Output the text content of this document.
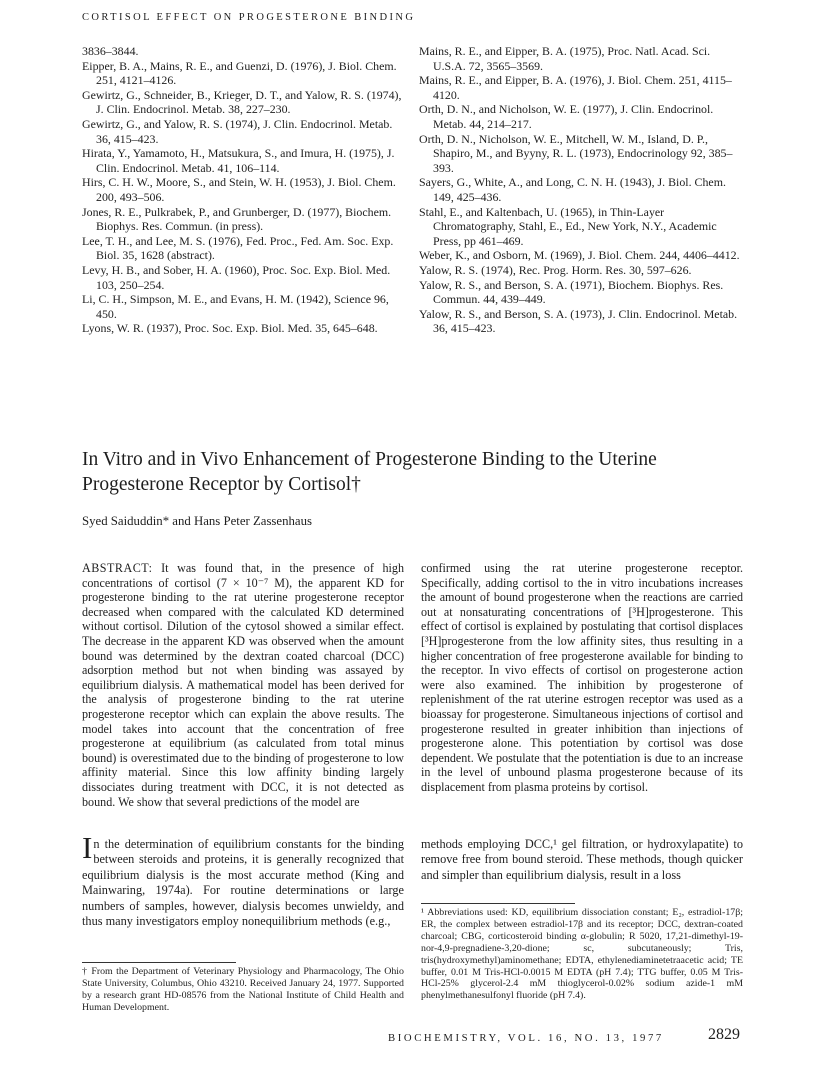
CORTISOL EFFECT ON PROGESTERONE BINDING
3836–3844.
Eipper, B. A., Mains, R. E., and Guenzi, D. (1976), J. Biol. Chem. 251, 4121–4126.
Gewirtz, G., Schneider, B., Krieger, D. T., and Yalow, R. S. (1974), J. Clin. Endocrinol. Metab. 38, 227–230.
Gewirtz, G., and Yalow, R. S. (1974), J. Clin. Endocrinol. Metab. 36, 415–423.
Hirata, Y., Yamamoto, H., Matsukura, S., and Imura, H. (1975), J. Clin. Endocrinol. Metab. 41, 106–114.
Hirs, C. H. W., Moore, S., and Stein, W. H. (1953), J. Biol. Chem. 200, 493–506.
Jones, R. E., Pulkrabek, P., and Grunberger, D. (1977), Biochem. Biophys. Res. Commun. (in press).
Lee, T. H., and Lee, M. S. (1976), Fed. Proc., Fed. Am. Soc. Exp. Biol. 35, 1628 (abstract).
Levy, H. B., and Sober, H. A. (1960), Proc. Soc. Exp. Biol. Med. 103, 250–254.
Li, C. H., Simpson, M. E., and Evans, H. M. (1942), Science 96, 450.
Lyons, W. R. (1937), Proc. Soc. Exp. Biol. Med. 35, 645–648.
Mains, R. E., and Eipper, B. A. (1975), Proc. Natl. Acad. Sci. U.S.A. 72, 3565–3569.
Mains, R. E., and Eipper, B. A. (1976), J. Biol. Chem. 251, 4115–4120.
Orth, D. N., and Nicholson, W. E. (1977), J. Clin. Endocrinol. Metab. 44, 214–217.
Orth, D. N., Nicholson, W. E., Mitchell, W. M., Island, D. P., Shapiro, M., and Byyny, R. L. (1973), Endocrinology 92, 385–393.
Sayers, G., White, A., and Long, C. N. H. (1943), J. Biol. Chem. 149, 425–436.
Stahl, E., and Kaltenbach, U. (1965), in Thin-Layer Chromatography, Stahl, E., Ed., New York, N.Y., Academic Press, pp 461–469.
Weber, K., and Osborn, M. (1969), J. Biol. Chem. 244, 4406–4412.
Yalow, R. S. (1974), Rec. Prog. Horm. Res. 30, 597–626.
Yalow, R. S., and Berson, S. A. (1971), Biochem. Biophys. Res. Commun. 44, 439–449.
Yalow, R. S., and Berson, S. A. (1973), J. Clin. Endocrinol. Metab. 36, 415–423.
In Vitro and in Vivo Enhancement of Progesterone Binding to the Uterine Progesterone Receptor by Cortisol†
Syed Saiduddin* and Hans Peter Zassenhaus
ABSTRACT: It was found that, in the presence of high concentrations of cortisol (7 × 10⁻⁷ M), the apparent KD for progesterone binding to the rat uterine progesterone receptor decreased when compared with the calculated KD determined without cortisol. Dilution of the cytosol showed a similar effect. The decrease in the apparent KD was observed when the amount bound was determined by the dextran coated charcoal (DCC) adsorption method but not when binding was assayed by equilibrium dialysis. A mathematical model has been derived for the analysis of progesterone binding to the rat uterine progesterone receptor which can explain the above results. The model takes into account that the concentration of free progesterone at equilibrium (as calculated from total minus bound) is overestimated due to the binding of progesterone to low affinity material. Since this low affinity binding largely dissociates during treatment with DCC, it is not detected as bound. We show that several predictions of the model are
confirmed using the rat uterine progesterone receptor. Specifically, adding cortisol to the in vitro incubations increases the amount of bound progesterone when the reactions are carried out at nonsaturating concentrations of [³H]progesterone. This effect of cortisol is explained by postulating that cortisol displaces [³H]progesterone from the low affinity sites, thus resulting in a higher concentration of free progesterone available for binding to the receptor. In vivo effects of cortisol on progesterone action were also examined. The inhibition by progesterone of replenishment of the rat uterine estrogen receptor was used as a bioassay for progesterone. Simultaneous injections of cortisol and progesterone resulted in greater inhibition than injections of progesterone alone. This potentiation by cortisol was dose dependent. We postulate that the potentiation is due to an increase in the level of unbound plasma progesterone because of its displacement from plasma proteins by cortisol.
In the determination of equilibrium constants for the binding between steroids and proteins, it is generally recognized that equilibrium dialysis is the most accurate method (King and Mainwaring, 1974a). For routine determinations or large numbers of samples, however, dialysis becomes unwieldy, and thus many investigators employ nonequilibrium methods (e.g.,
methods employing DCC,¹ gel filtration, or hydroxylapatite) to remove free from bound steroid. These methods, though quicker and simpler than equilibrium dialysis, result in a loss
† From the Department of Veterinary Physiology and Pharmacology, The Ohio State University, Columbus, Ohio 43210. Received January 24, 1977. Supported by a research grant HD-08576 from the National Institute of Child Health and Human Development.
¹ Abbreviations used: KD, equilibrium dissociation constant; E₂, estradiol-17β; ER, the complex between estradiol-17β and its receptor; DCC, dextran-coated charcoal; CBG, corticosteroid binding α-globulin; R 5020, 17,21-dimethyl-19-nor-4,9-pregnadiene-3,20-dione; sc, subcutaneously; Tris, tris(hydroxymethyl)aminomethane; EDTA, ethylenediaminetetraacetic acid; TE buffer, 0.01 M Tris-HCl-0.0015 M EDTA (pH 7.4); TTG buffer, 0.05 M Tris-HCl-25% glycerol-2.4 mM thioglycerol-0.02% sodium azide-1 mM phenylmethanesulfonyl fluoride (pH 7.4).
BIOCHEMISTRY, VOL. 16, NO. 13, 1977	2829
